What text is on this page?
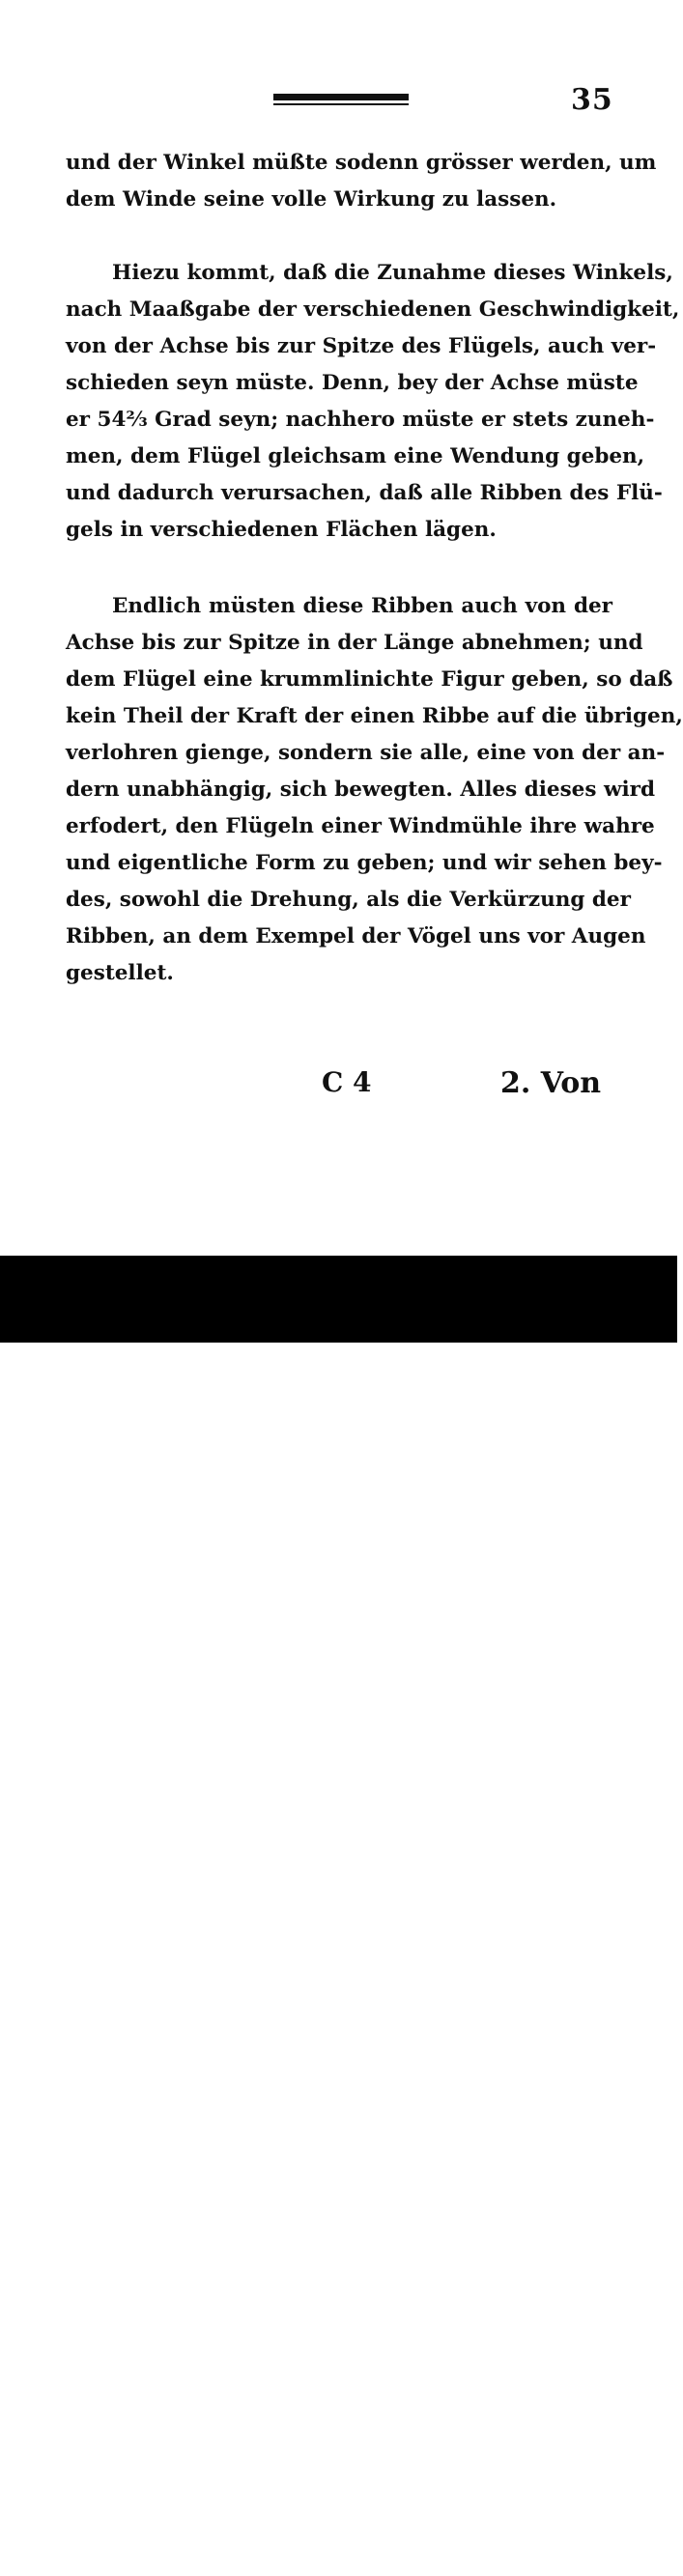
35
und der Winkel müßte sodenn grösser werden, um
dem Winde seine volle Wirkung zu lassen.
Hiezu kommt, daß die Zunahme dieses Winkels,
nach Maaßgabe der verschiedenen Geschwindigkeit,
von der Achse bis zur Spitze des Flügels, auch ver-
schieden seyn müste. Denn, bey der Achse müste
er 54⅔ Grad seyn; nachhero müste er stets zuneh-
men, dem Flügel gleichsam eine Wendung geben,
und dadurch verursachen, daß alle Ribben des Flü-
gels in verschiedenen Flächen lägen.
Endlich müsten diese Ribben auch von der
Achse bis zur Spitze in der Länge abnehmen; und
dem Flügel eine krummlinichte Figur geben, so daß
kein Theil der Kraft der einen Ribbe auf die übrigen,
verlohren gienge, sondern sie alle, eine von der an-
dern unabhängig, sich bewegten. Alles dieses wird
erfodert, den Flügeln einer Windmühle ihre wahre
und eigentliche Form zu geben; und wir sehen bey-
des, sowohl die Drehung, als die Verkürzung der
Ribben, an dem Exempel der Vögel uns vor Augen
gestellet.
C 4	2. Von
alamy	JE8EKA
www.alamy.com
